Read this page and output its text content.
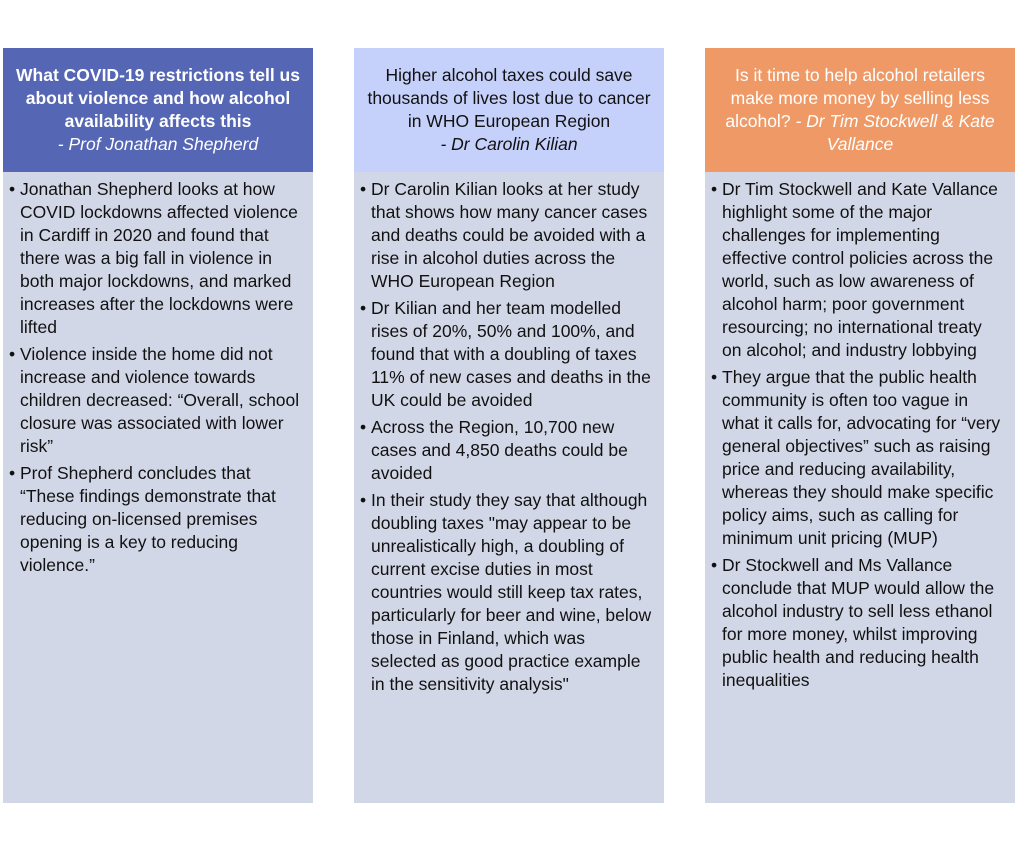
What COVID-19 restrictions tell us about violence and how alcohol availability affects this
- Prof Jonathan Shepherd
• Jonathan Shepherd looks at how COVID lockdowns affected violence in Cardiff in 2020 and found that there was a big fall in violence in both major lockdowns, and marked increases after the lockdowns were lifted
• Violence inside the home did not increase and violence towards children decreased: “Overall, school closure was associated with lower risk”
• Prof Shepherd concludes that “These findings demonstrate that reducing on-licensed premises opening is a key to reducing violence.”
Higher alcohol taxes could save thousands of lives lost due to cancer in WHO European Region
- Dr Carolin Kilian
• Dr Carolin Kilian looks at her study that shows how many cancer cases and deaths could be avoided with a rise in alcohol duties across the WHO European Region
• Dr Kilian and her team modelled rises of 20%, 50% and 100%, and found that with a doubling of taxes 11% of new cases and deaths in the UK could be avoided
• Across the Region, 10,700 new cases and 4,850 deaths could be avoided
• In their study they say that although doubling taxes "may appear to be unrealistically high, a doubling of current excise duties in most countries would still keep tax rates, particularly for beer and wine, below those in Finland, which was selected as good practice example in the sensitivity analysis"
Is it time to help alcohol retailers make more money by selling less alcohol? - Dr Tim Stockwell & Kate Vallance
• Dr Tim Stockwell and Kate Vallance highlight some of the major challenges for implementing effective control policies across the world, such as low awareness of alcohol harm; poor government resourcing; no international treaty on alcohol; and industry lobbying
• They argue that the public health community is often too vague in what it calls for, advocating for “very general objectives” such as raising price and reducing availability, whereas they should make specific policy aims, such as calling for minimum unit pricing (MUP)
• Dr Stockwell and Ms Vallance conclude that MUP would allow the alcohol industry to sell less ethanol for more money, whilst improving public health and reducing health inequalities
